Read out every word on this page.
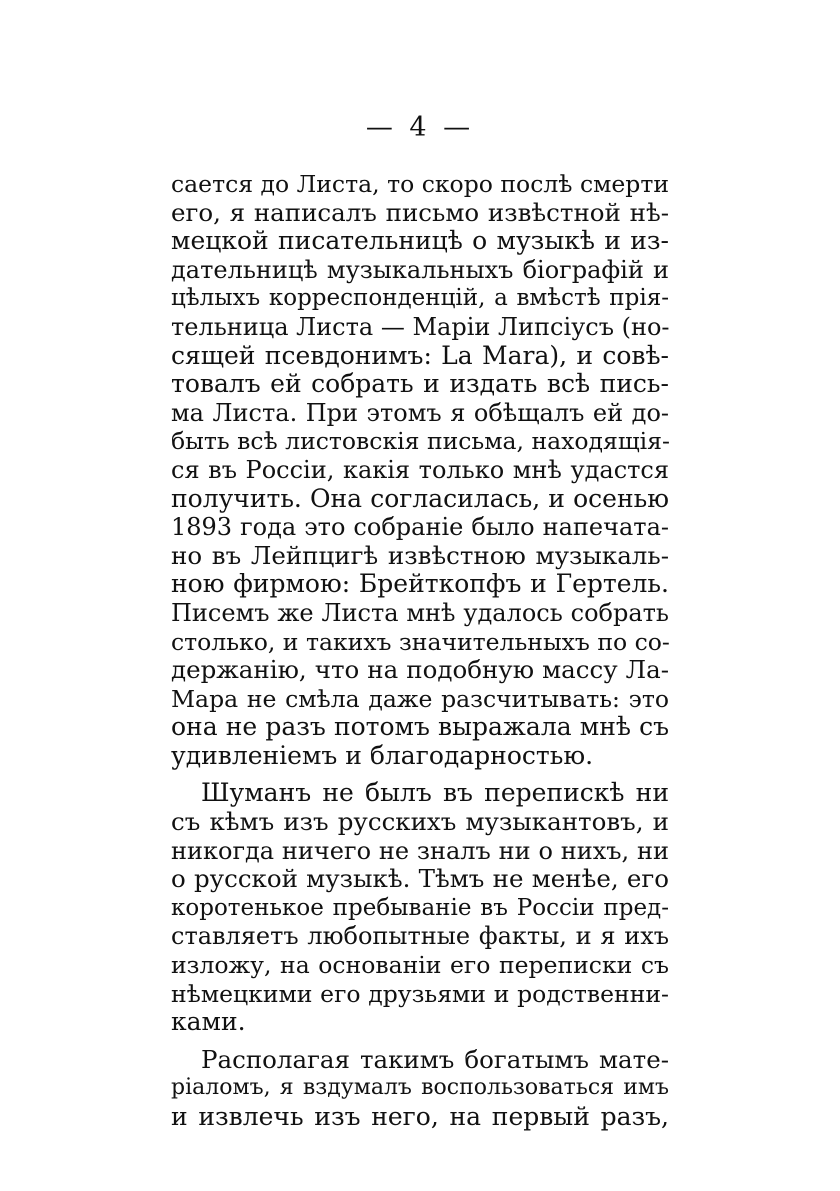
— 4 —
сается до Листа, то скоро послѣ смерти
его, я написалъ письмо извѣстной нѣ-
мецкой писательницѣ о музыкѣ и из-
дательницѣ музыкальныхъ біографій и
цѣлыхъ корреспонденцій, а вмѣстѣ прія-
тельница Листа — Маріи Липсіусъ (но-
сящей псевдонимъ: La Mara), и совѣ-
товалъ ей собрать и издать всѣ пись-
ма Листа. При этомъ я обѣщалъ ей до-
быть всѣ листовскія письма, находящія-
ся въ Россіи, какія только мнѣ удастся
получить. Она согласилась, и осенью
1893 года это собраніе было напечата-
но въ Лейпцигѣ извѣстною музыкаль-
ною фирмою: Брейткопфъ и Гертель.
Писемъ же Листа мнѣ удалось собрать
столько, и такихъ значительныхъ по со-
держанію, что на подобную массу Ла-
Мара не смѣла даже разсчитывать: это
она не разъ потомъ выражала мнѣ съ
удивленіемъ и благодарностью.
Шуманъ не былъ въ перепискѣ ни
съ кѣмъ изъ русскихъ музыкантовъ, и
никогда ничего не зналъ ни о нихъ, ни
о русской музыкѣ. Тѣмъ не менѣе, его
коротенькое пребываніе въ Россіи пред-
ставляетъ любопытные факты, и я ихъ
изложу, на основаніи его переписки съ
нѣмецкими его друзьями и родственни-
ками.
Располагая такимъ богатымъ мате-
ріаломъ, я вздумалъ воспользоваться имъ
и извлечь изъ него, на первый разъ,
